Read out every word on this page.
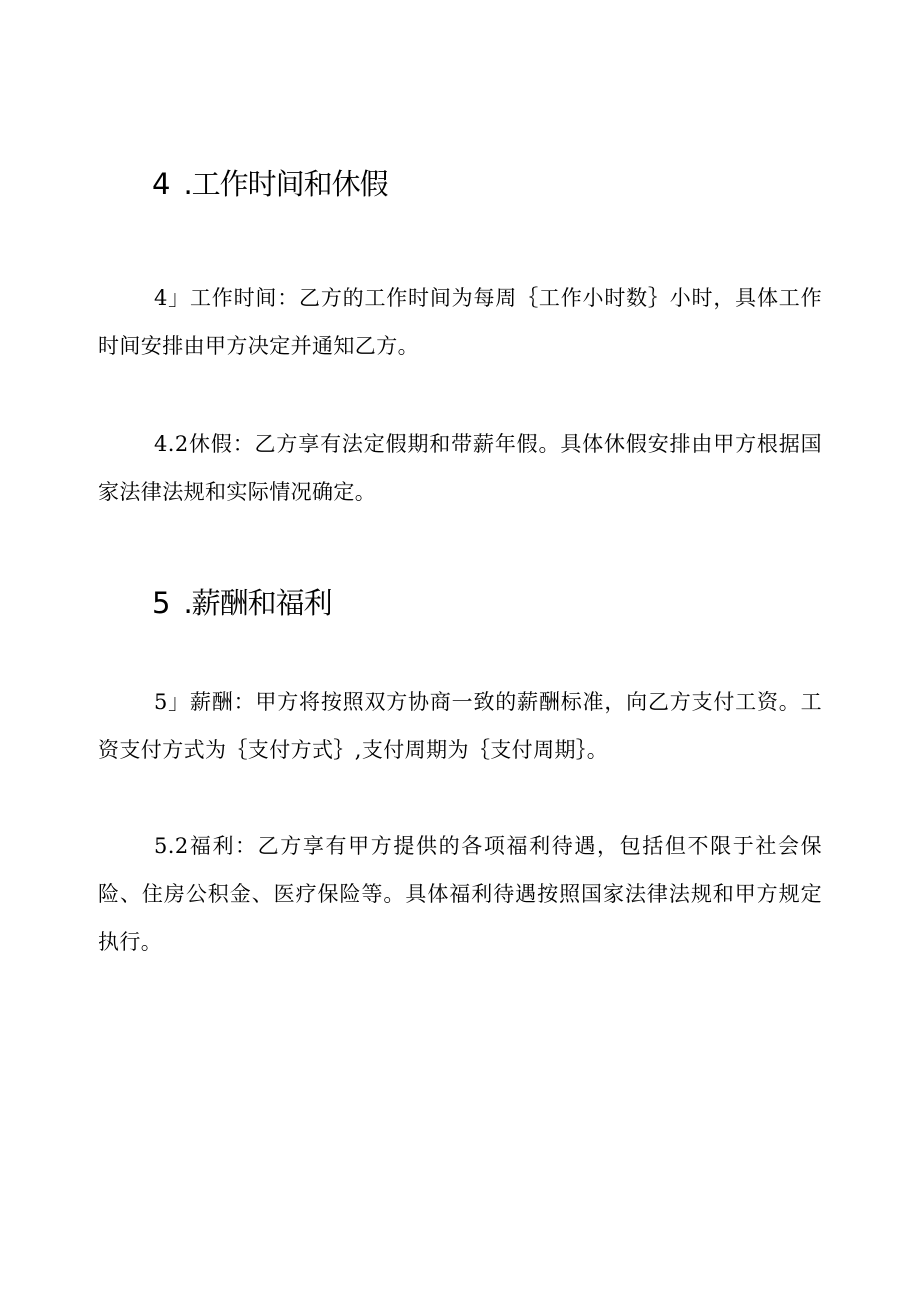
4 .工作时间和休假

4」工作时间：乙方的工作时间为每周｛工作小时数｝小时，具体工作时间安排由甲方决定并通知乙方。

4.2休假：乙方享有法定假期和带薪年假。具体休假安排由甲方根据国家法律法规和实际情况确定。

5 .薪酬和福利

5」薪酬：甲方将按照双方协商一致的薪酬标准，向乙方支付工资。工资支付方式为｛支付方式｝,支付周期为｛支付周期｝。

5.2福利：乙方享有甲方提供的各项福利待遇，包括但不限于社会保险、住房公积金、医疗保险等。具体福利待遇按照国家法律法规和甲方规定执行。
